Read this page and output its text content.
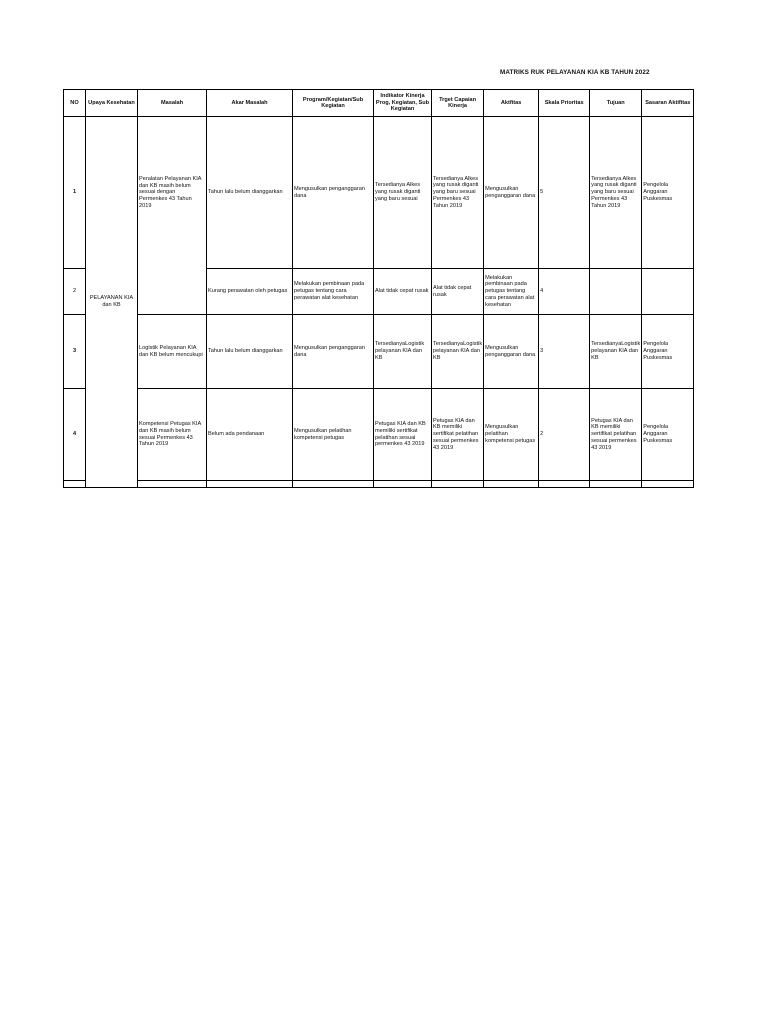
MATRIKS RUK PELAYANAN KIA KB TAHUN 2022
NO	Upaya Kesehatan	Masalah	Akar Masalah	Program/Kegiatan/Sub Kegiatan	Indikator Kinerja Prog, Kegiatan, Sub Kegiatan	Trget Capaian Kinerja	Aktfitas	Skala Prioritas	Tujuan	Sasaran Aktifitas
1	PELAYANAN KIA dan KB	Peralatan Pelayanan KIA dan KB masih belum sesuai dengan Permenkes 43 Tahun 2019	Tahun lalu belum dianggarkan	Mengusulkan penganggaran dana	Tersedianya Alkes yang rusak diganti yang baru sesuai	Tersedianya Alkes yang rusak diganti yang baru sesuai Permenkes 43 Tahun 2019	Mengusulkan penganggaran dana	5	Tersedianya Alkes yang rusak diganti yang baru sesuai Permenkes 43 Tahun 2019	Pengelola Anggaran Puskesmas
2			Kurang perawatan oleh petugas	Melakukan pembinaan pada petugas tentang cara perawatan alat kesehatan	Alat tidak cepat rusak	Alat tidak cepat rusak	Melakukan pembinaan pada petugas tentang cara perawatan alat kesehatan	4		
3		Logistik Pelayanan KIA dan KB belum mencukupi	Tahun lalu belum dianggarkan	Mengusulkan penganggaran dana	TersedianyaLogistik pelayanan KIA dan KB	TersedianyaLogistik pelayanan KIA dan KB	Mengusulkan penganggaran dana	3	TersedianyaLogistik pelayanan KIA dan KB	Pengelola Anggaran Puskesmas
4		Kompetensi Petugas KIA dan KB masih belum sesuai Permenkes 43 Tahun 2019	Belum ada pendanaan	Mengusulkan pelatihan kompetensi petugas	Petugas KIA dan KB memiliki sertifikat pelatihan sesuai permenkes 43 2019	Petugas KIA dan KB memiliki sertifikat pelatihan sesuai permenkes 43 2019	Mengusulkan pelatihan kompetensi petugas	2	Petugas KIA dan KB memiliki sertifikat pelatihan sesuai permenkes 43 2019	Pengelola Anggaran Puskesmas
